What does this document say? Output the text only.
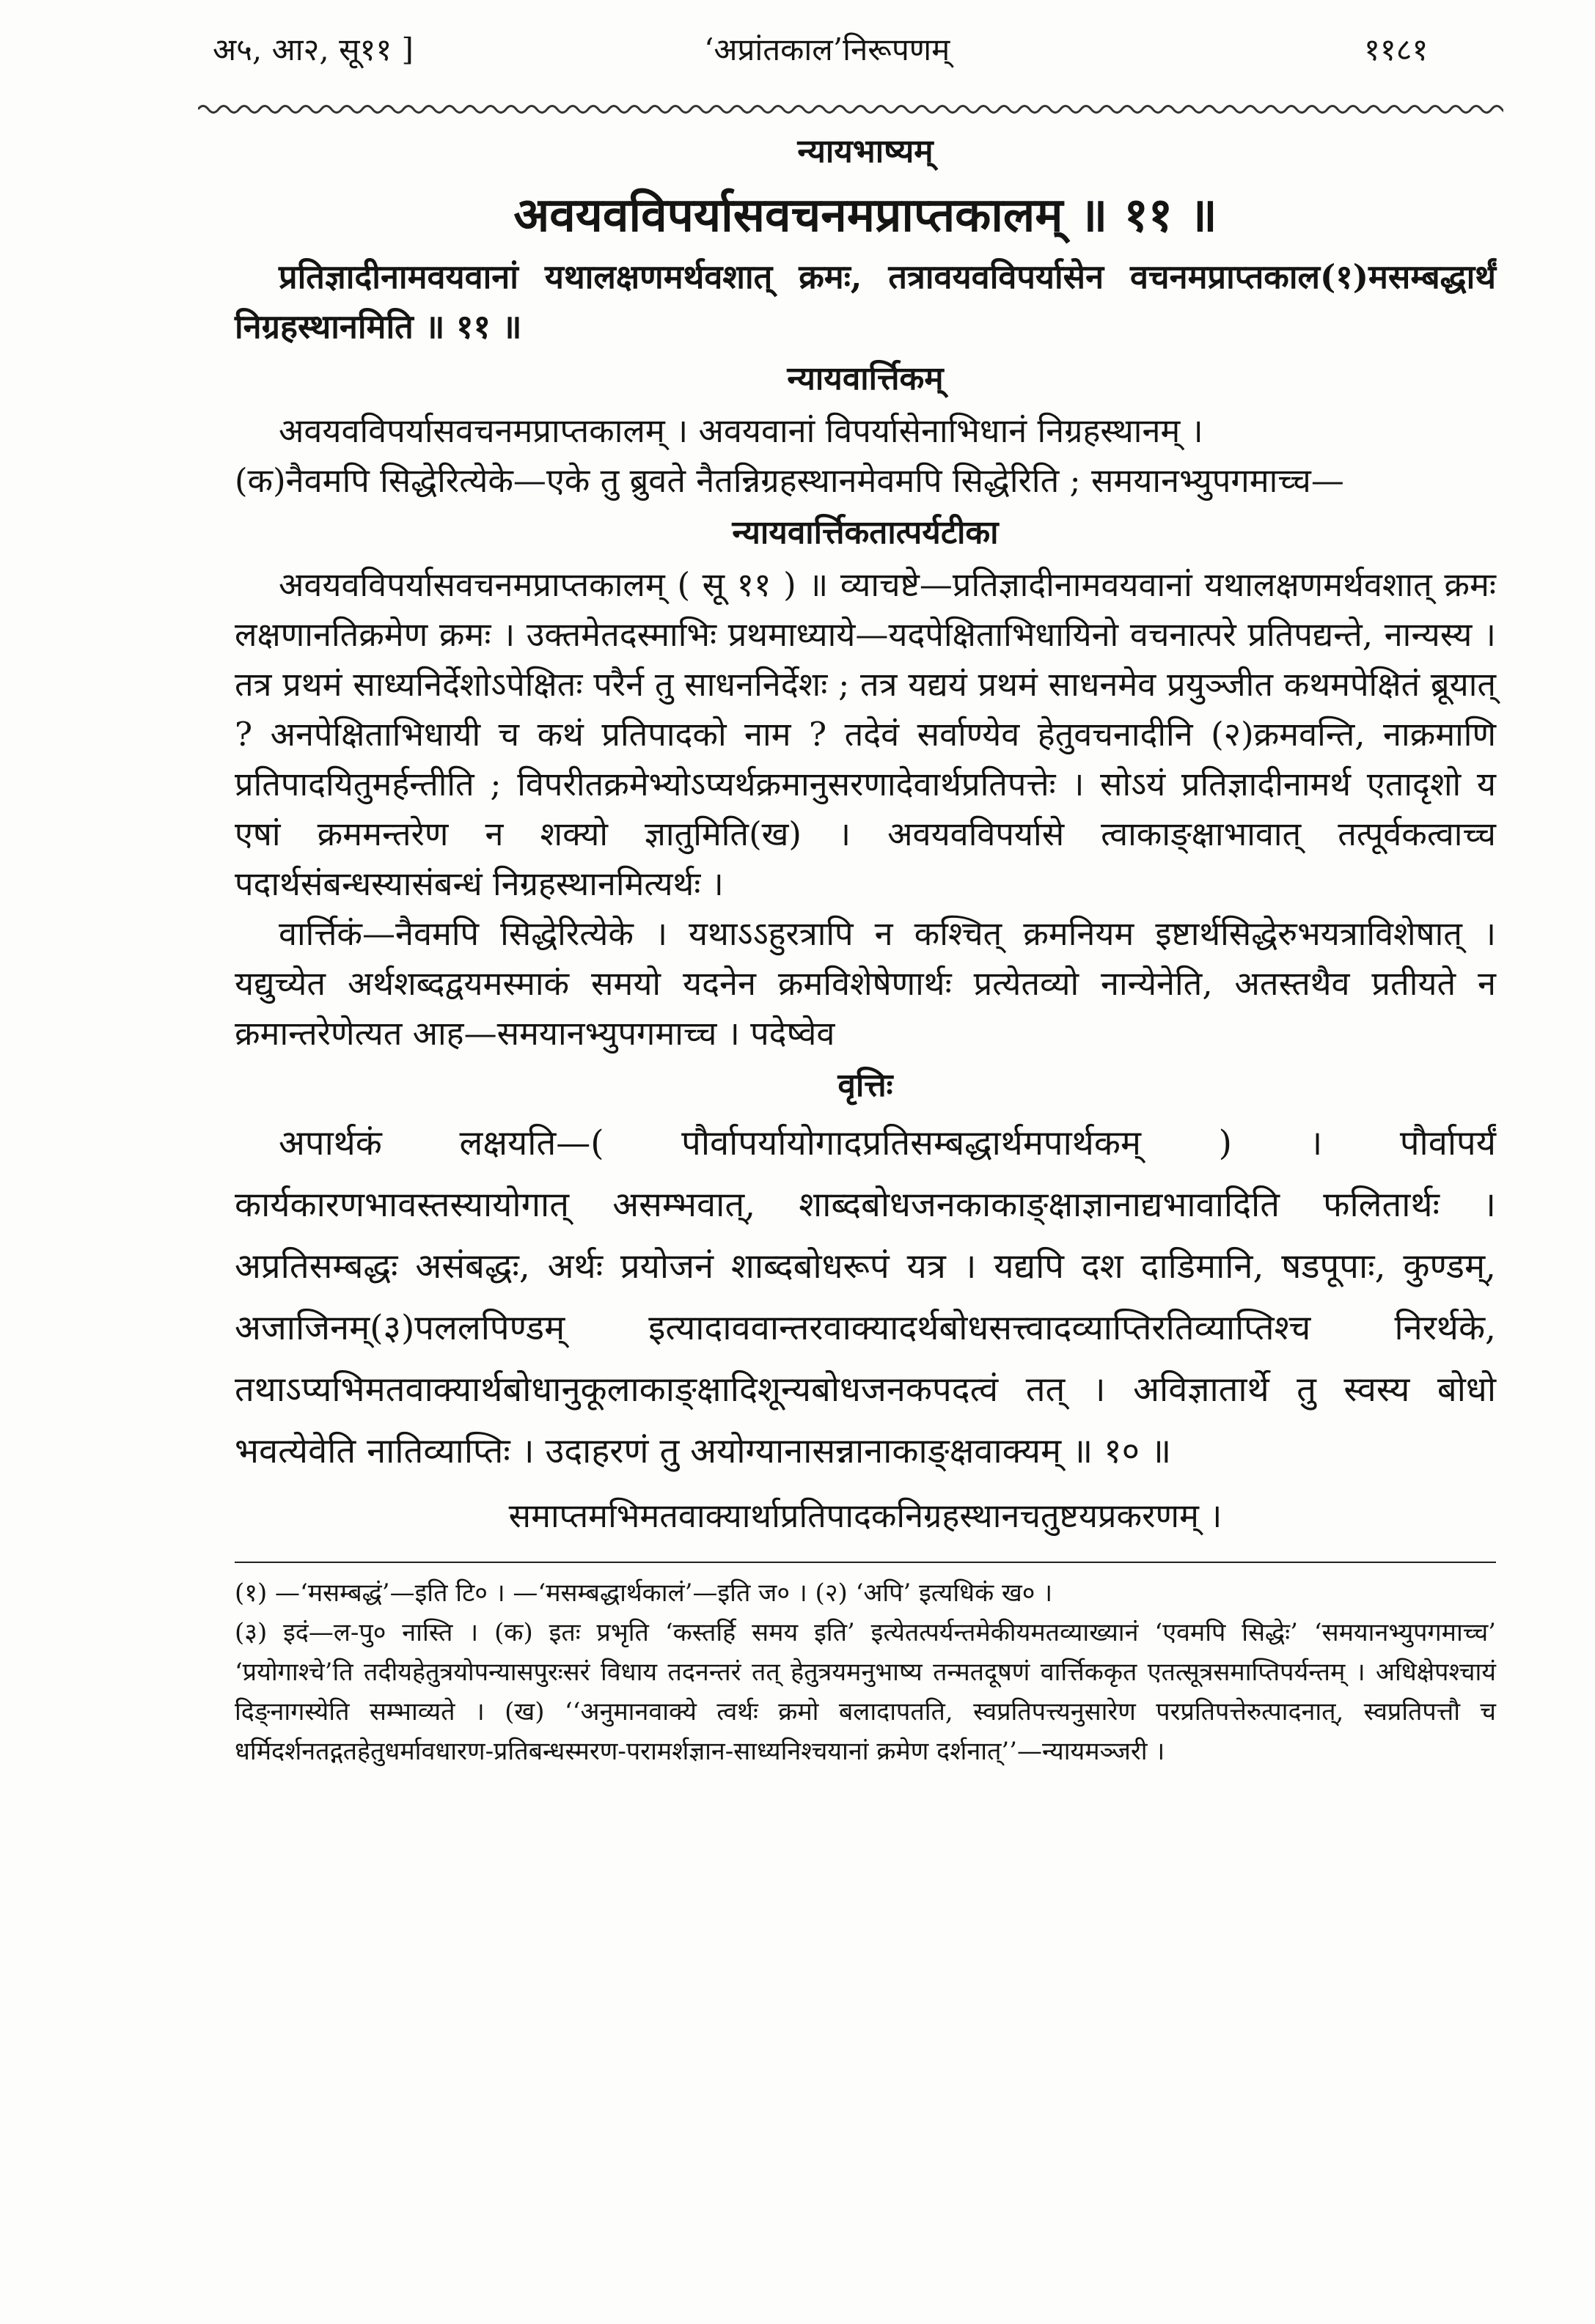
अ५, आ२, सू११ ]	‘अप्रांतकाल’निरूपणम्	११८१
न्यायभाष्यम्
अवयवविपर्यासवचनमप्राप्तकालम् ॥ ११ ॥

प्रतिज्ञादीनामवयवानां यथालक्षणमर्थवशात् क्रमः, तत्रावयवविपर्यासेन वचनमप्राप्तकाल(१)मसम्बद्धार्थं निग्रहस्थानमिति ॥ ११ ॥

न्यायवार्त्तिकम्

अवयवविपर्यासवचनमप्राप्तकालम् । अवयवानां विपर्यासेनाभिधानं निग्रहस्थानम् ।

(क)नैवमपि सिद्धेरित्येके—एके तु ब्रुवते नैतन्निग्रहस्थानमेवमपि सिद्धेरिति ; समयानभ्युपगमाच्च—

न्यायवार्त्तिकतात्पर्यटीका

अवयवविपर्यासवचनमप्राप्तकालम् ( सू ११ ) ॥ व्याचष्टे—प्रतिज्ञादीनामवयवानां यथालक्षणमर्थवशात् क्रमः लक्षणानतिक्रमेण क्रमः । उक्तमेतदस्माभिः प्रथमाध्याये—यदपेक्षिताभिधायिनो वचनात्परे प्रतिपद्यन्ते, नान्यस्य । तत्र प्रथमं साध्यनिर्देशोऽपेक्षितः परैर्न तु साधननिर्देशः ; तत्र यद्ययं प्रथमं साधनमेव प्रयुञ्जीत कथमपेक्षितं ब्रूयात् ? अनपेक्षिताभिधायी च कथं प्रतिपादको नाम ? तदेवं सर्वाण्येव हेतुवचनादीनि (२)क्रमवन्ति, नाक्रमाणि प्रतिपादयितुमर्हन्तीति ; विपरीतक्रमेभ्योऽप्यर्थक्रमानुसरणादेवार्थप्रतिपत्तेः । सोऽयं प्रतिज्ञादीनामर्थ एतादृशो य एषां क्रममन्तरेण न शक्यो ज्ञातुमिति(ख) । अवयवविपर्यासे त्वाकाङ्क्षाभावात् तत्पूर्वकत्वाच्च पदार्थसंबन्धस्यासंबन्धं निग्रहस्थानमित्यर्थः ।

वार्त्तिकं—नैवमपि सिद्धेरित्येके । यथाऽऽहुरत्रापि न कश्चित् क्रमनियम इष्टार्थसिद्धेरुभयत्राविशेषात् । यद्युच्येत अर्थशब्दद्वयमस्माकं समयो यदनेन क्रमविशेषेणार्थः प्रत्येतव्यो नान्येनेति, अतस्तथैव प्रतीयते न क्रमान्तरेणेत्यत आह—समयानभ्युपगमाच्च । पदेष्वेव

वृत्तिः

अपार्थकं लक्षयति—( पौर्वापर्यायोगादप्रतिसम्बद्धार्थमपार्थकम् ) । पौर्वापर्यं कार्यकारणभावस्तस्यायोगात् असम्भवात्, शाब्दबोधजनकाकाङ्क्षाज्ञानाद्यभावादिति फलितार्थः । अप्रतिसम्बद्धः असंबद्धः, अर्थः प्रयोजनं शाब्दबोधरूपं यत्र । यद्यपि दश दाडिमानि, षडपूपाः, कुण्डम्, अजाजिनम्(३)पललपिण्डम् इत्यादाववान्तरवाक्यादर्थबोधसत्त्वादव्याप्तिरतिव्याप्तिश्च निरर्थके, तथाऽप्यभिमतवाक्यार्थबोधानुकूलाकाङ्क्षादिशून्यबोधजनकपदत्वं तत् । अविज्ञातार्थे तु स्वस्य बोधो भवत्येवेति नातिव्याप्तिः । उदाहरणं तु अयोग्यानासन्नानाकाङ्क्षवाक्यम् ॥ १० ॥

समाप्तमभिमतवाक्यार्थाप्रतिपादकनिग्रहस्थानचतुष्टयप्रकरणम् ।

(१) —‘मसम्बद्धं’—इति टि० । —‘मसम्बद्धार्थकालं’—इति ज० । (२) ‘अपि’ इत्यधिकं ख० ।

(३) इदं—ल-पु० नास्ति । (क) इतः प्रभृति ‘कस्तर्हि समय इति’ इत्येतत्पर्यन्तमेकीयमतव्याख्यानं ‘एवमपि सिद्धेः’ ‘समयानभ्युपगमाच्च’ ‘प्रयोगाश्चे’ति तदीयहेतुत्रयोपन्यासपुरःसरं विधाय तदनन्तरं तत् हेतुत्रयमनुभाष्य तन्मतदूषणं वार्त्तिककृत एतत्सूत्रसमाप्तिपर्यन्तम् । अधिक्षेपश्चायं दिङ्नागस्येति सम्भाव्यते । (ख) ‘‘अनुमानवाक्ये त्वर्थः क्रमो बलादापतति, स्वप्रतिपत्त्यनुसारेण परप्रतिपत्तेरुत्पादनात्, स्वप्रतिपत्तौ च धर्मिदर्शनतद्गतहेतुधर्मावधारण-प्रतिबन्धस्मरण-परामर्शज्ञान-साध्यनिश्चयानां क्रमेण दर्शनात्’’—न्यायमञ्जरी ।
